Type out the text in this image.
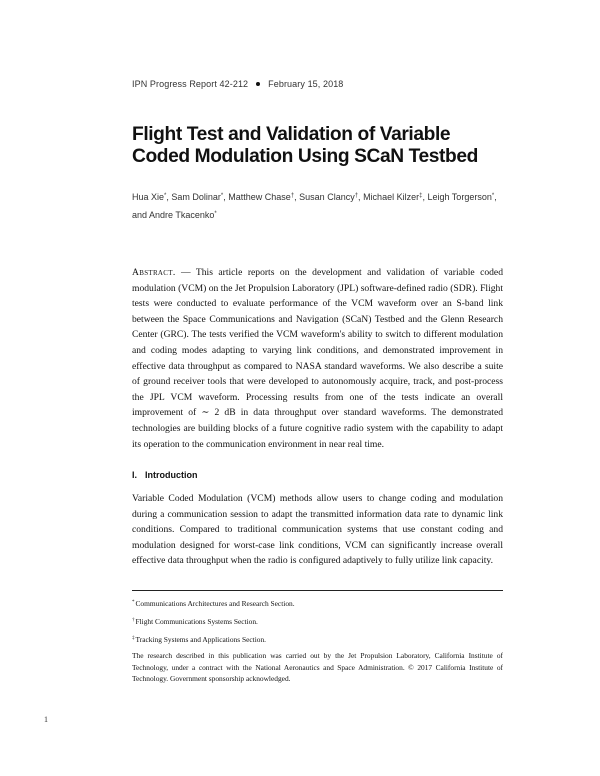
IPN Progress Report 42-212 February 15, 2018
Flight Test and Validation of Variable Coded Modulation Using SCaN Testbed
Hua Xie*, Sam Dolinar*, Matthew Chase†, Susan Clancy†, Michael Kilzer‡, Leigh Torgerson*,
and Andre Tkacenko*
Abstract. — This article reports on the development and validation of variable coded modulation (VCM) on the Jet Propulsion Laboratory (JPL) software-defined radio (SDR). Flight tests were conducted to evaluate performance of the VCM waveform over an S-band link between the Space Communications and Navigation (SCaN) Testbed and the Glenn Research Center (GRC). The tests verified the VCM waveform's ability to switch to different modulation and coding modes adapting to varying link conditions, and demonstrated improvement in effective data throughput as compared to NASA standard waveforms. We also describe a suite of ground receiver tools that were developed to autonomously acquire, track, and post-process the JPL VCM waveform. Processing results from one of the tests indicate an overall improvement of ∼ 2 dB in data throughput over standard waveforms. The demonstrated technologies are building blocks of a future cognitive radio system with the capability to adapt its operation to the communication environment in near real time.
I. Introduction
Variable Coded Modulation (VCM) methods allow users to change coding and modulation during a communication session to adapt the transmitted information data rate to dynamic link conditions. Compared to traditional communication systems that use constant coding and modulation designed for worst-case link conditions, VCM can significantly increase overall effective data throughput when the radio is configured adaptively to fully utilize link capacity.
*Communications Architectures and Research Section.
†Flight Communications Systems Section.
‡Tracking Systems and Applications Section.
The research described in this publication was carried out by the Jet Propulsion Laboratory, California Institute of Technology, under a contract with the National Aeronautics and Space Administration. © 2017 California Institute of Technology. Government sponsorship acknowledged.
1
